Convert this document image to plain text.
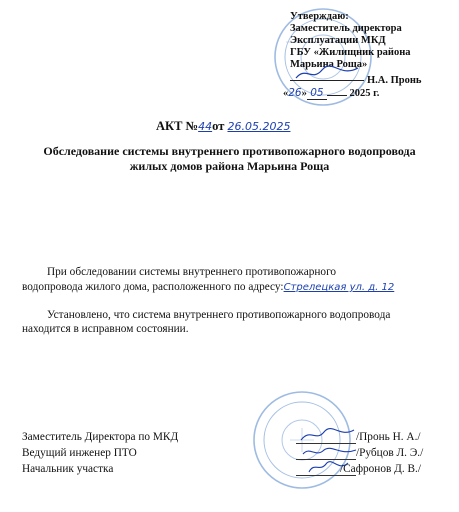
Утверждаю:
Заместитель директора
Эксплуатации МКД
ГБУ «Жилищник района
Марьина Роща»
Н.А. Пронь
«26» 05 2025 г.
АКТ №44от 26.05.2025
Обследование системы внутреннего противопожарного водопровода
жилых домов района Марьина Роща
При обследовании системы внутреннего противопожарного
водопровода жилого дома, расположенного по адресу:Стрелецкая ул. д. 12
Установлено, что система внутреннего противопожарного водопровода
находится в исправном состоянии.
Заместитель Директора по МКД
Ведущий инженер ПТО
Начальник участка
/Пронь Н. А./
/Рубцов Л. Э./
/Сафронов Д. В./
